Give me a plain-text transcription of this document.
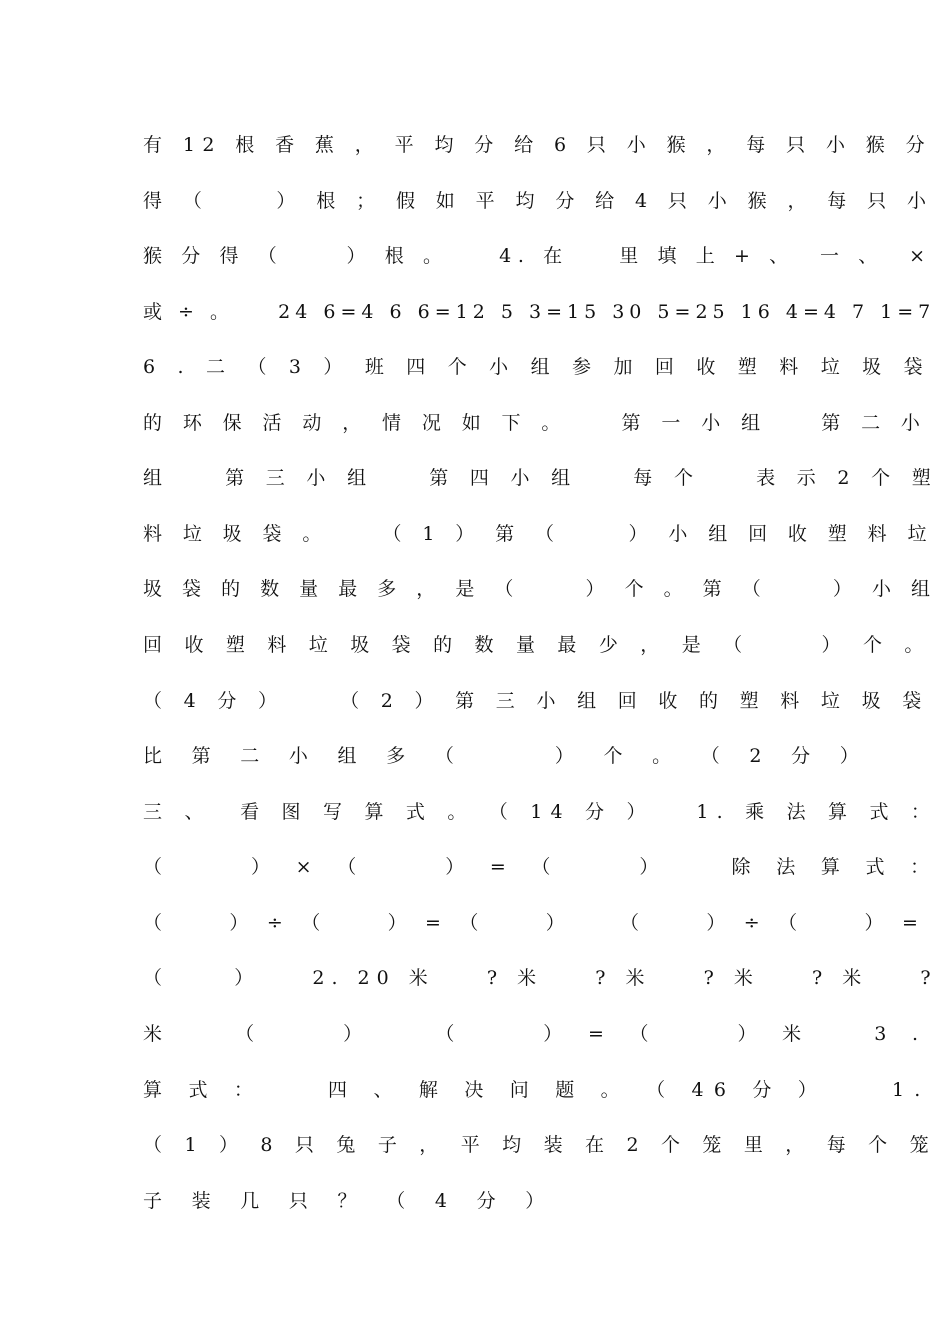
有 12 根 香 蕉 ， 平 均 分 给 6 只 小 猴 ， 每 只 小 猴 分
得 （     ） 根 ； 假 如 平 均 分 给 4 只 小 猴 ， 每 只 小
猴 分 得 （     ） 根 。    4. 在    里 填 上 + 、  一 、  ×
或 ÷ 。    24 6=4 6 6=12 5 3=15 30 5=25 16 4=4 7 1=7
6 . 二 （ 3 ） 班 四 个 小 组 参 加 回 收 塑 料 垃 圾 袋
的 环 保 活 动 ， 情 况 如 下 。    第 一 小 组    第 二 小
组    第 三 小 组    第 四 小 组    每 个    表 示 2 个 塑
料 垃 圾 袋 。    （ 1 ） 第 （     ） 小 组 回 收 塑 料 垃
圾 袋 的 数 量 最 多 ， 是 （     ） 个 。 第 （     ） 小 组
回 收 塑 料 垃 圾 袋 的 数 量 最 少 ， 是 （     ） 个 。
（ 4 分 ）    （ 2 ） 第 三 小 组 回 收 的 塑 料 垃 圾 袋
比 第 二 小 组 多 （     ） 个 。 （ 2 分 ）
三 、  看 图 写 算 式 。 （ 14 分 ）   1. 乘 法 算 式 ：
（     ） × （     ） = （     ）    除 法 算 式 ：
（     ） ÷ （     ） = （     ）    （     ） ÷ （     ） =
（     ）    2. 20 米    ? 米    ? 米    ? 米    ? 米    ?
米    （     ）    （     ） = （     ） 米    3 .
算 式 ：    四 、 解 决 问 题 。 （ 46 分 ）    1.
（ 1 ） 8 只 兔 子 ， 平 均 装 在 2 个 笼 里 ， 每 个 笼
子 装 几 只 ？ （ 4 分 ）
